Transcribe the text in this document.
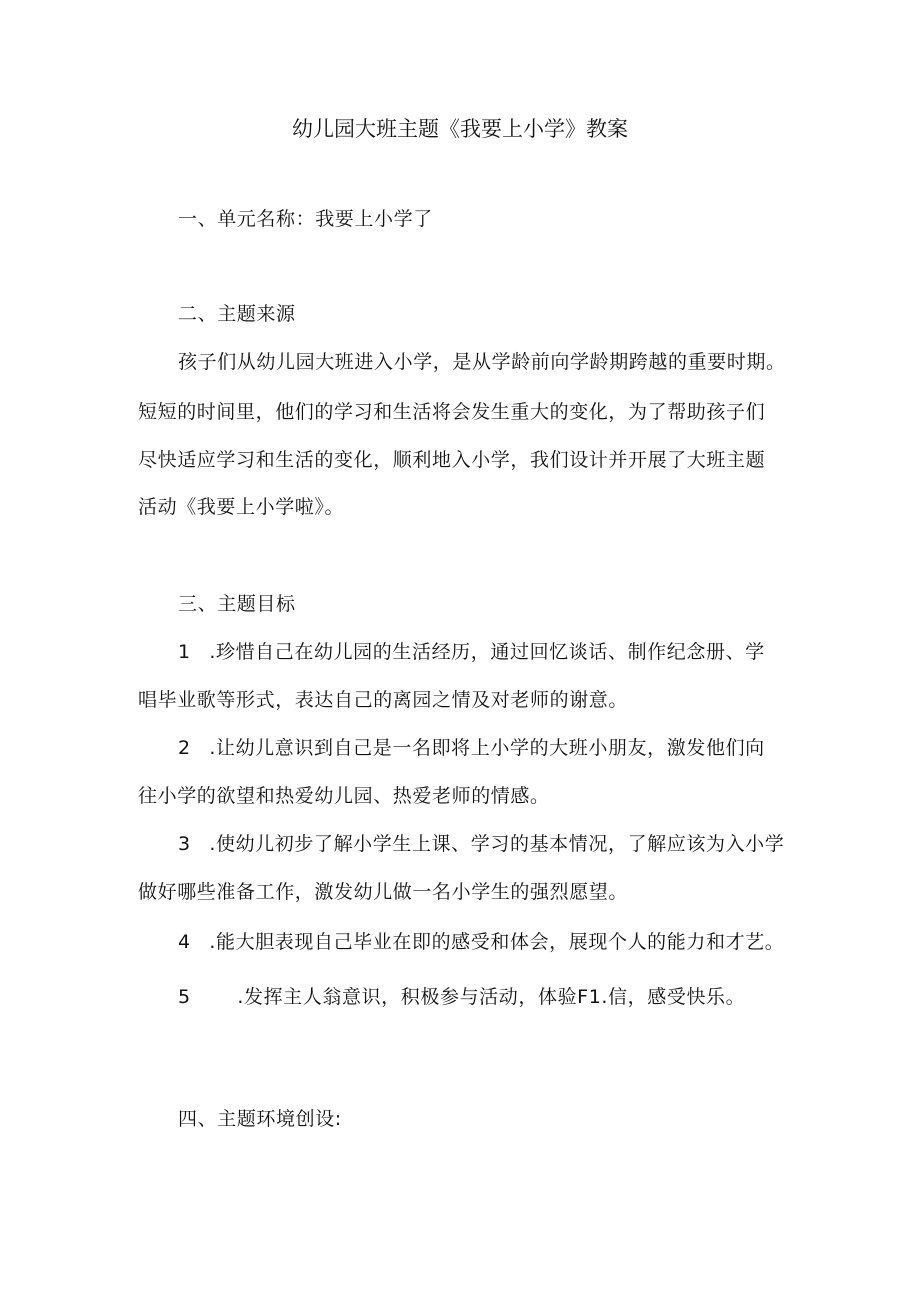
幼儿园大班主题《我要上小学》教案
一、单元名称：我要上小学了
二、主题来源
孩子们从幼儿园大班进入小学，是从学龄前向学龄期跨越的重要时期。
短短的时间里，他们的学习和生活将会发生重大的变化，为了帮助孩子们
尽快适应学习和生活的变化，顺利地入小学，我们设计并开展了大班主题
活动《我要上小学啦》。
三、主题目标
1 .珍惜自己在幼儿园的生活经历，通过回忆谈话、制作纪念册、学
唱毕业歌等形式，表达自己的离园之情及对老师的谢意。
2 .让幼儿意识到自己是一名即将上小学的大班小朋友，激发他们向
往小学的欲望和热爱幼儿园、热爱老师的情感。
3 .使幼儿初步了解小学生上课、学习的基本情况，了解应该为入小学
做好哪些准备工作，激发幼儿做一名小学生的强烈愿望。
4 .能大胆表现自己毕业在即的感受和体会，展现个人的能力和才艺。
5 .发挥主人翁意识，积极参与活动，体验F1.信，感受快乐。
四、主题环境创设:
